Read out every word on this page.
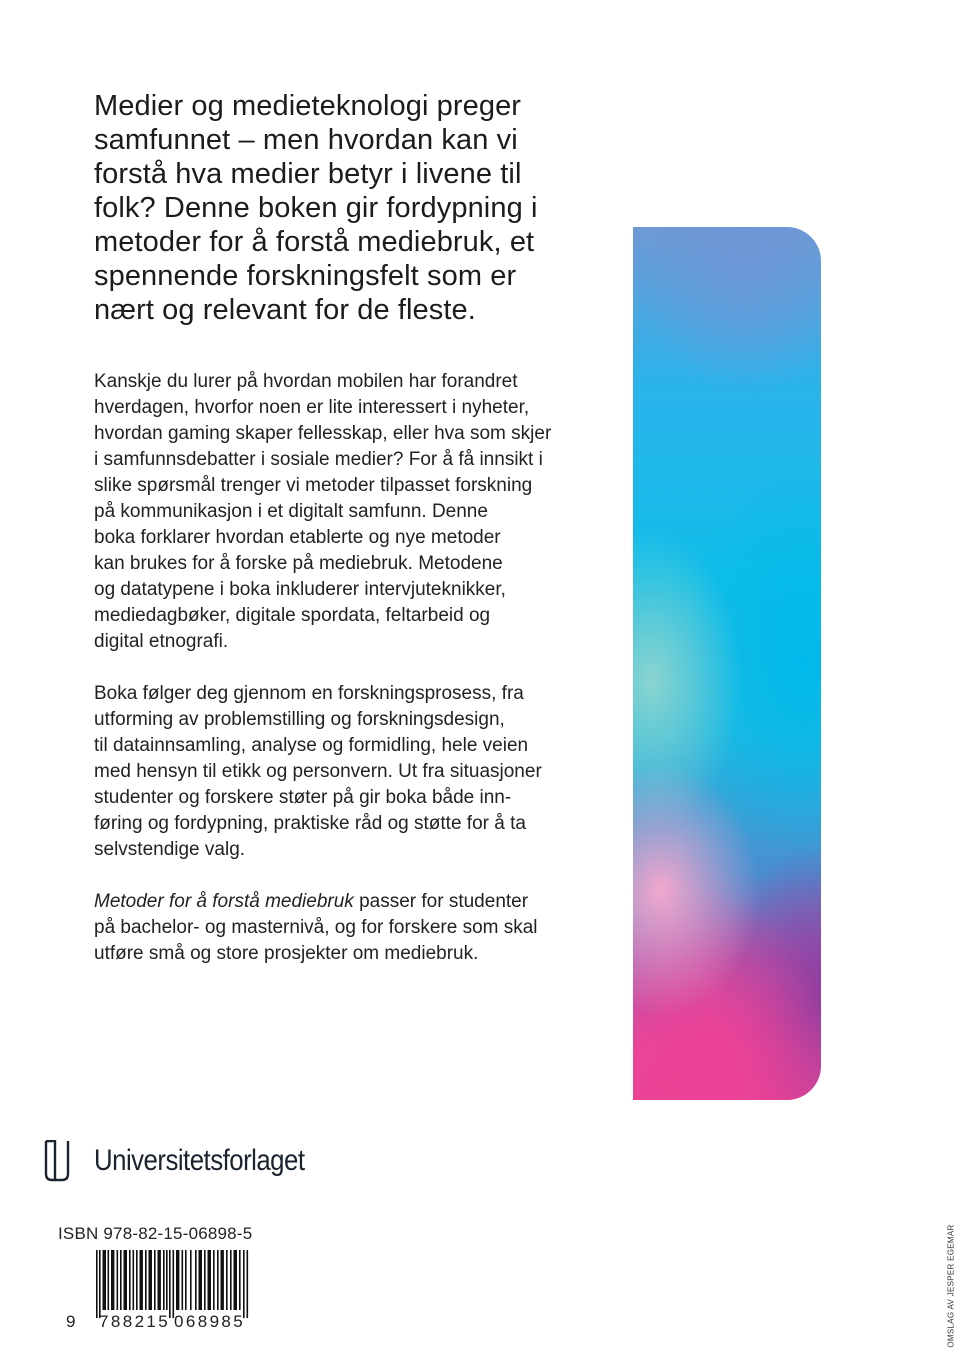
Medier og medieteknologi preger
samfunnet – men hvordan kan vi
forstå hva medier betyr i livene til
folk? Denne boken gir fordypning i
metoder for å forstå mediebruk, et
spennende forskningsfelt som er
nært og relevant for de fleste.

Kanskje du lurer på hvordan mobilen har forandret
hverdagen, hvorfor noen er lite interessert i nyheter,
hvordan gaming skaper fellesskap, eller hva som skjer
i samfunnsdebatter i sosiale medier? For å få innsikt i
slike spørsmål trenger vi metoder tilpasset forskning
på kommunikasjon i et digitalt samfunn. Denne
boka forklarer hvordan etablerte og nye metoder
kan brukes for å forske på mediebruk. Metodene
og datatypene i boka inkluderer intervjuteknikker,
mediedagbøker, digitale spordata, feltarbeid og
digital etnografi.

Boka følger deg gjennom en forskningsprosess, fra
utforming av problemstilling og forskningsdesign,
til datainnsamling, analyse og formidling, hele veien
med hensyn til etikk og personvern. Ut fra situasjoner
studenter og forskere støter på gir boka både inn-
føring og fordypning, praktiske råd og støtte for å ta
selvstendige valg.

Metoder for å forstå mediebruk passer for studenter
på bachelor- og masternivå, og for forskere som skal
utføre små og store prosjekter om mediebruk.

Universitetsforlaget
ISBN 978-82-15-06898-5
9 788215 068985	OMSLAG AV JESPER EGEMAR
